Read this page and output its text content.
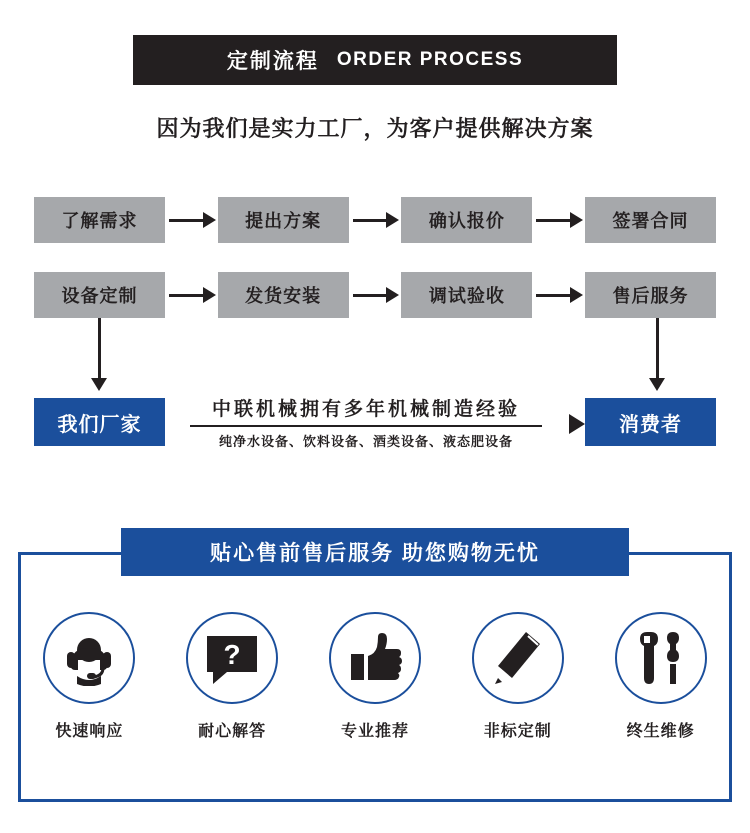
定制流程 ORDER PROCESS
因为我们是实力工厂，为客户提供解决方案
了解需求	提出方案	确认报价	签署合同
设备定制	发货安装	调试验收	售后服务
我们厂家
中联机械拥有多年机械制造经验
纯净水设备、饮料设备、酒类设备、液态肥设备
消费者
贴心售前售后服务 助您购物无忧
快速响应
?
耐心解答	专业推荐	非标定制	终生维修
